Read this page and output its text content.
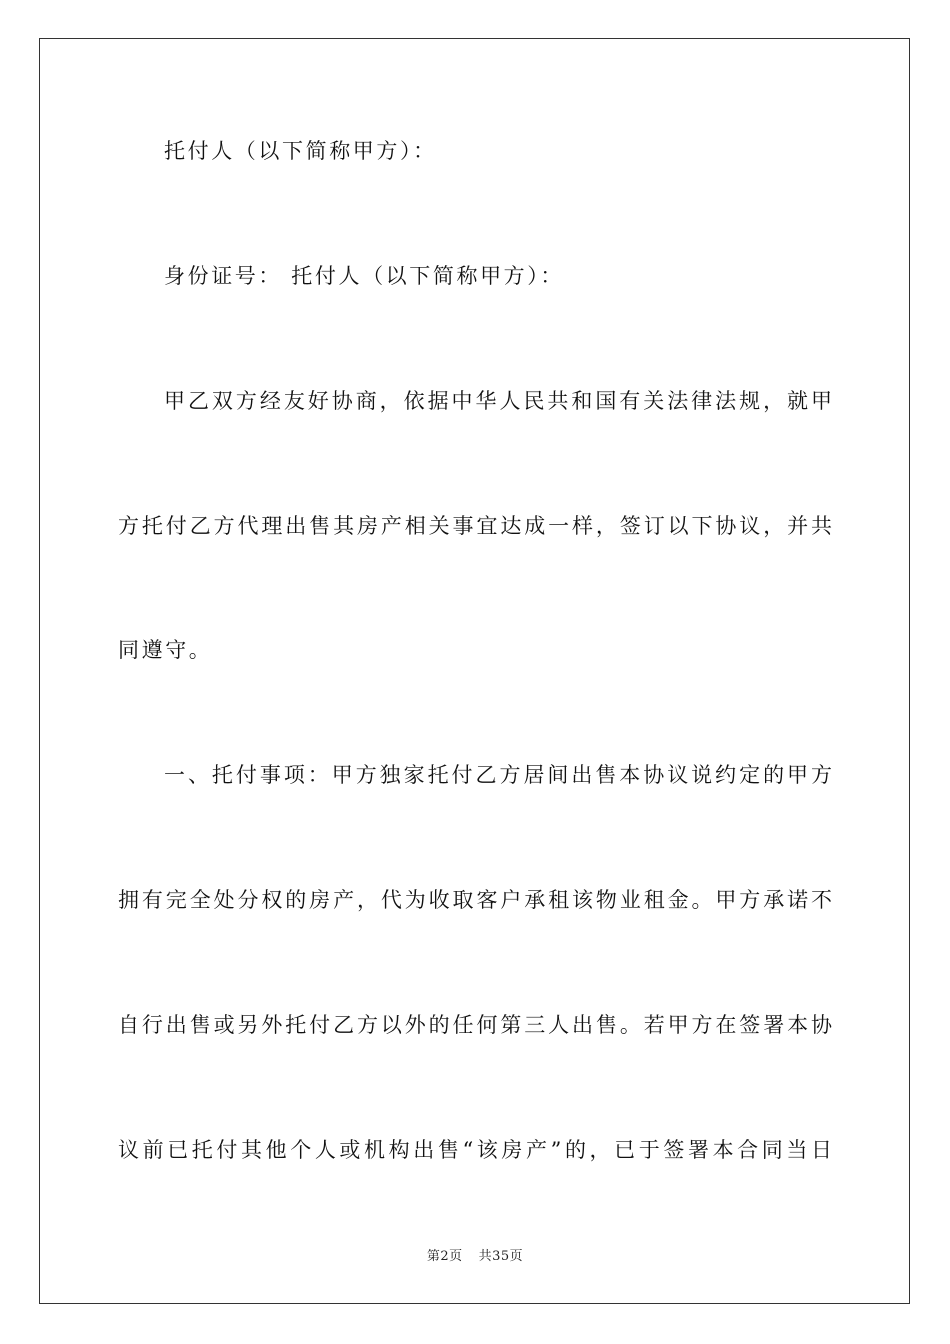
托付人（以下简称甲方）：
身份证号： 托付人（以下简称甲方）：
甲乙双方经友好协商，依据中华人民共和国有关法律法规，就甲
方托付乙方代理出售其房产相关事宜达成一样，签订以下协议，并共
同遵守。
一、托付事项：甲方独家托付乙方居间出售本协议说约定的甲方
拥有完全处分权的房产，代为收取客户承租该物业租金。甲方承诺不
自行出售或另外托付乙方以外的任何第三人出售。若甲方在签署本协
议前已托付其他个人或机构出售“该房产”的，已于签署本合同当日
第2页 共35页
